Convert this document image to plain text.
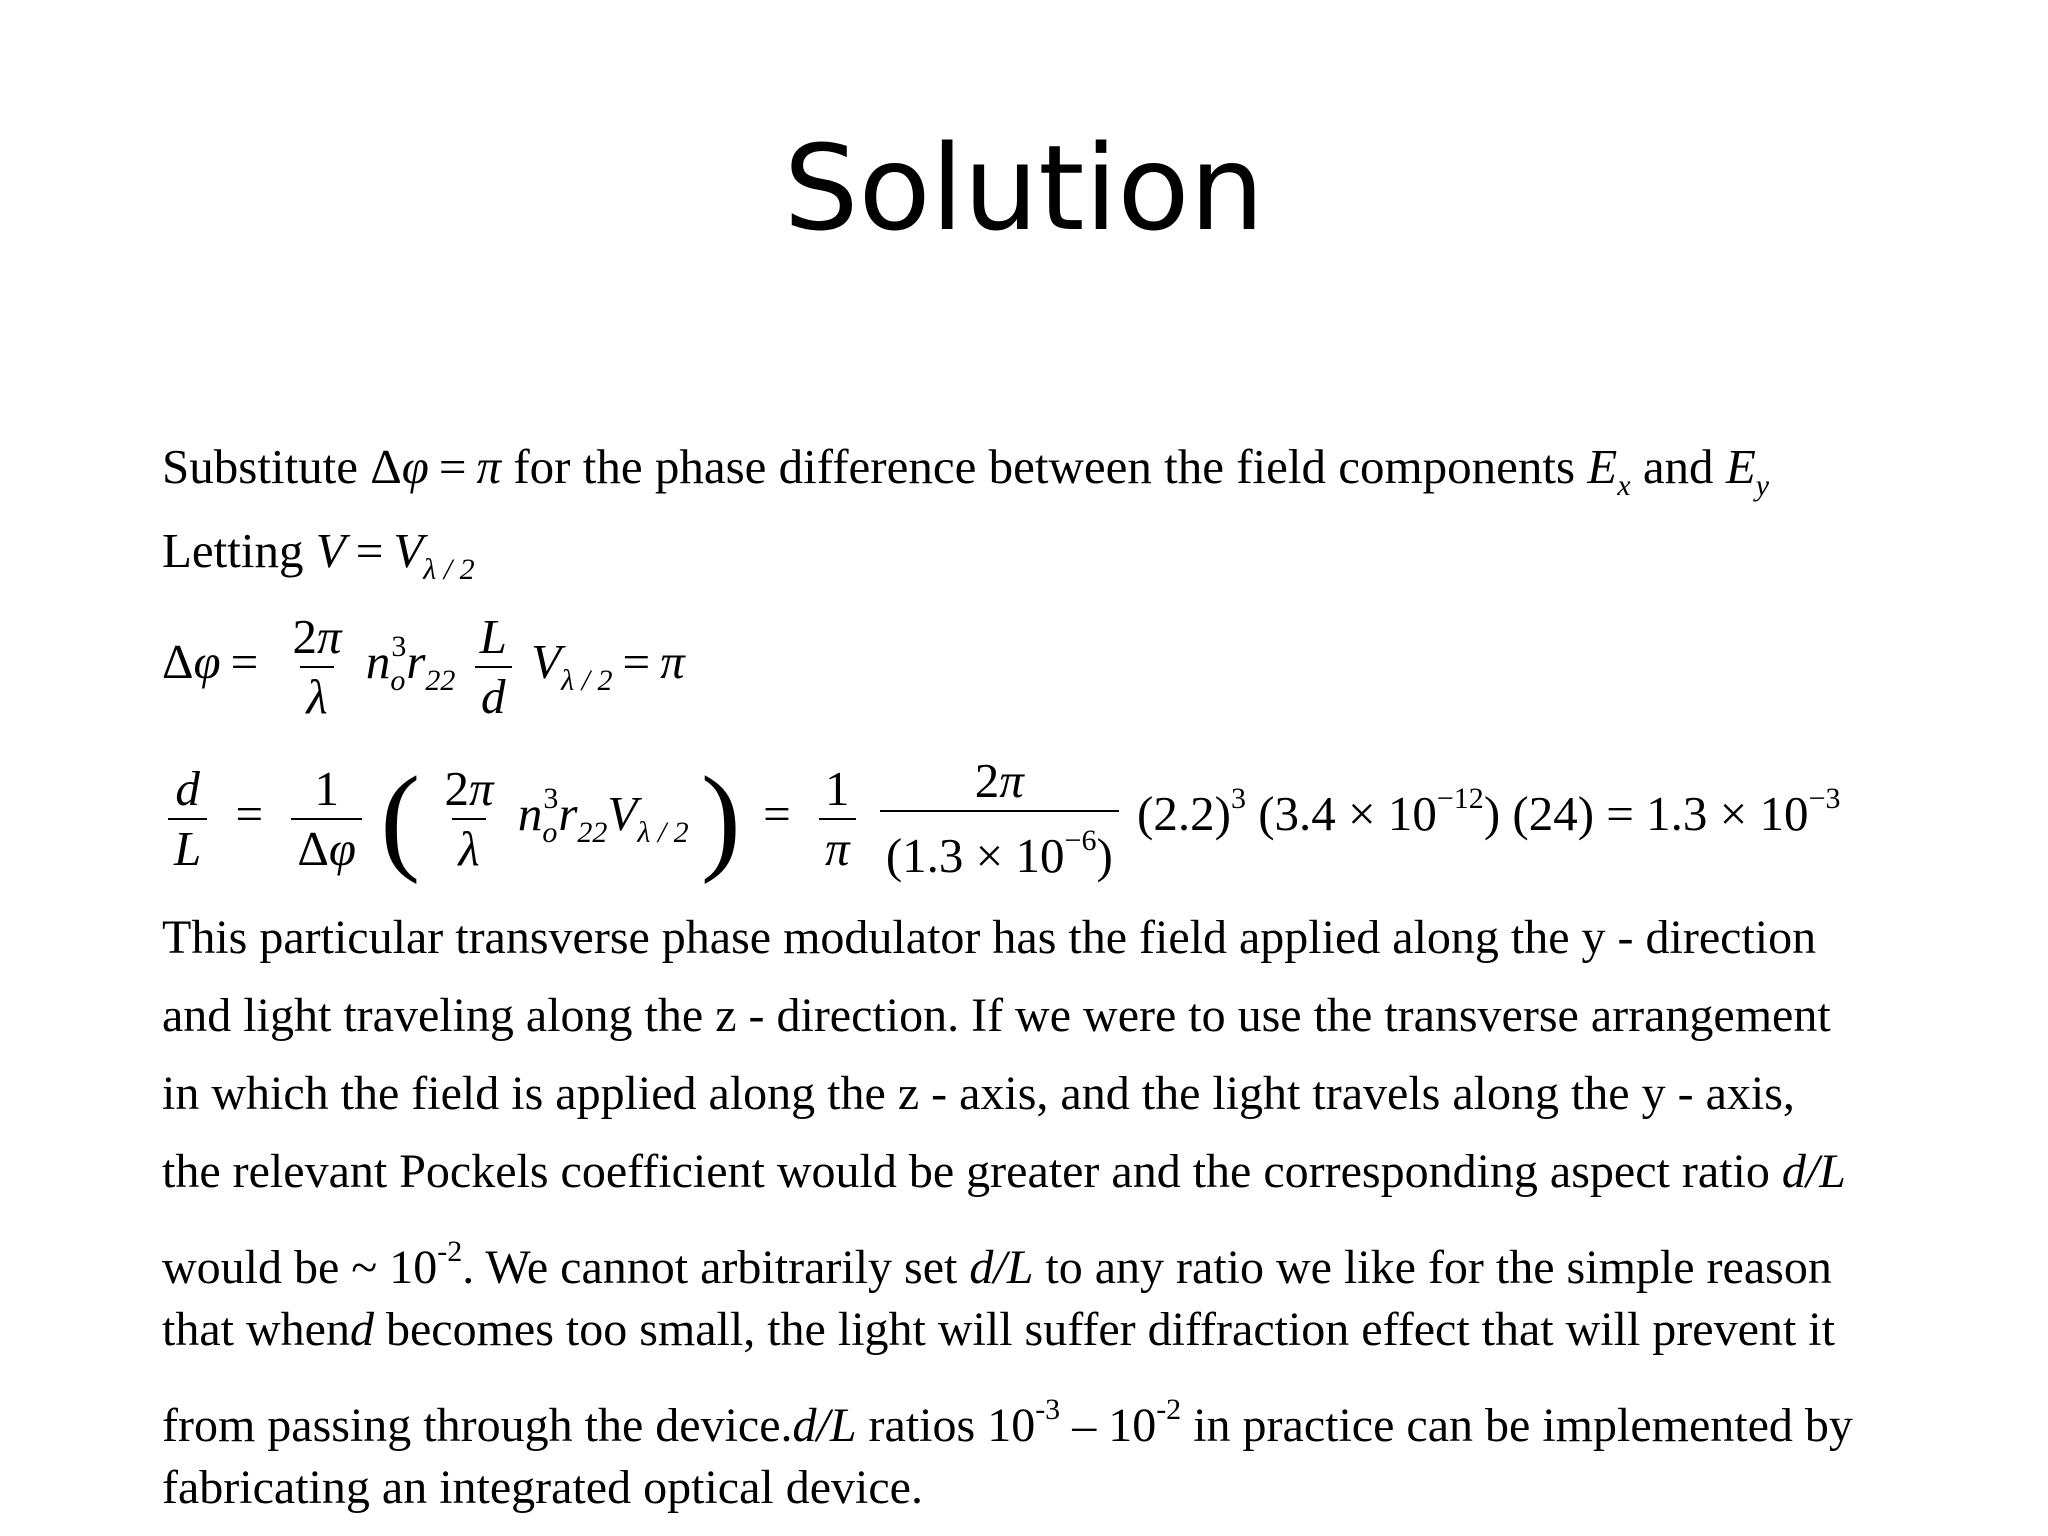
Solution
Substitute Δφ = π for the phase difference between the field components $E_x$ and $E_y$
Letting $V = V_{\lambda / 2}$
$\Delta\varphi = \frac{2\pi}{\lambda} n_o^3r_{22} \frac{L}{d} V_{\lambda / 2} = \pi$
$\frac{d}{L} = \frac{1}{\Delta\varphi}$ ( $\frac{2\pi}{\lambda} n_o^3r_{22}V_{\lambda / 2}$ ) = $\frac{1}{\pi}$
$\frac{2\pi}{(1.3 \times 10^{-6})} (2.2)^3$ $(3.4 \times 10^{-12})$ $(24) = 1.3 \times 10^{-3}$
This particular transverse phase modulator has the field applied along the y - direction
and light traveling along the z - direction. If we were to use the transverse arrangement
in which the field is applied along the z - axis, and the light travels along the y - axis,
the relevant Pockels coefficient would be greater and the corresponding aspect ratio d/L
would be ~ $10^{-2}$. We cannot arbitrarily set d/L to any ratio we like for the simple reason
that whend becomes too small, the light will suffer diffraction effect that will prevent it
from passing through the device.d/L ratios $10^{-3} - 10^{-2}$ in practice can be implemented by
fabricating an integrated optical device.
